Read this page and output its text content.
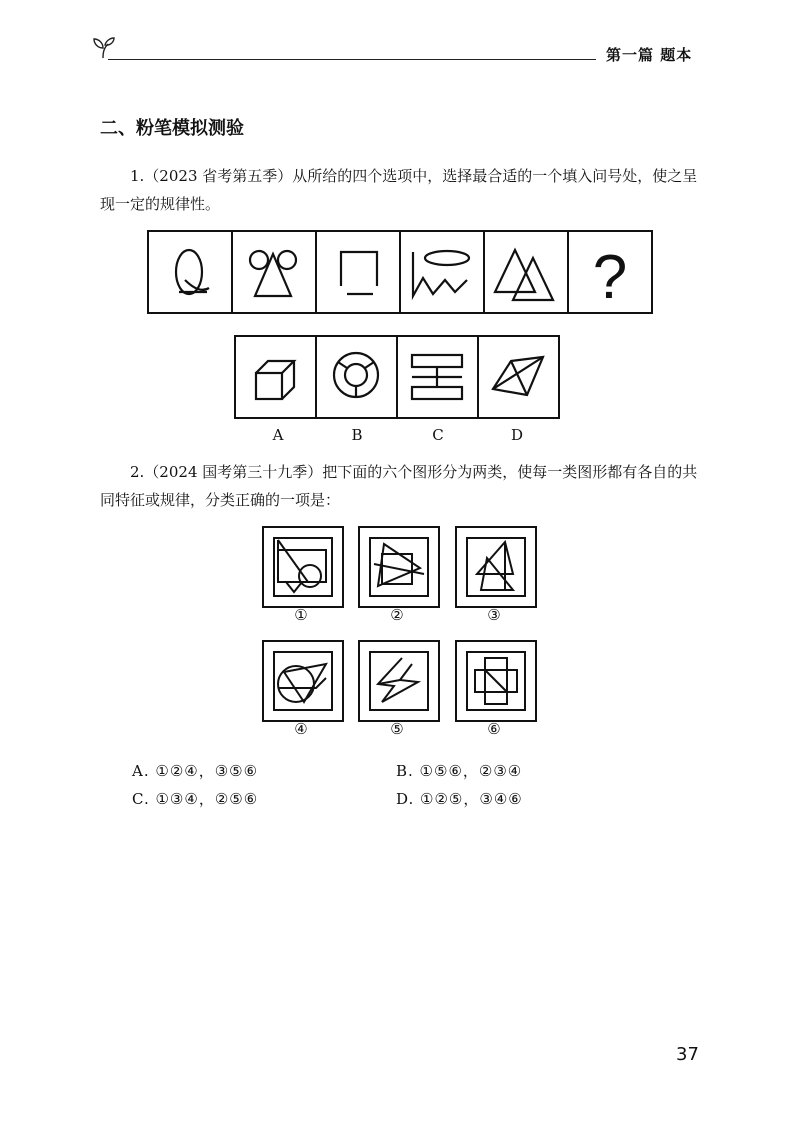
第一篇 题本
二、粉笔模拟测验
1.（2023 省考第五季）从所给的四个选项中，选择最合适的一个填入问号处，使之呈现一定的规律性。
?
A	B	C	D
2.（2024 国考第三十九季）把下面的六个图形分为两类，使每一类图形都有各自的共同特征或规律，分类正确的一项是：
①	②	③
④	⑤	⑥
A. ①②④，③⑤⑥	B. ①⑤⑥，②③④
C. ①③④，②⑤⑥	D. ①②⑤，③④⑥
37
